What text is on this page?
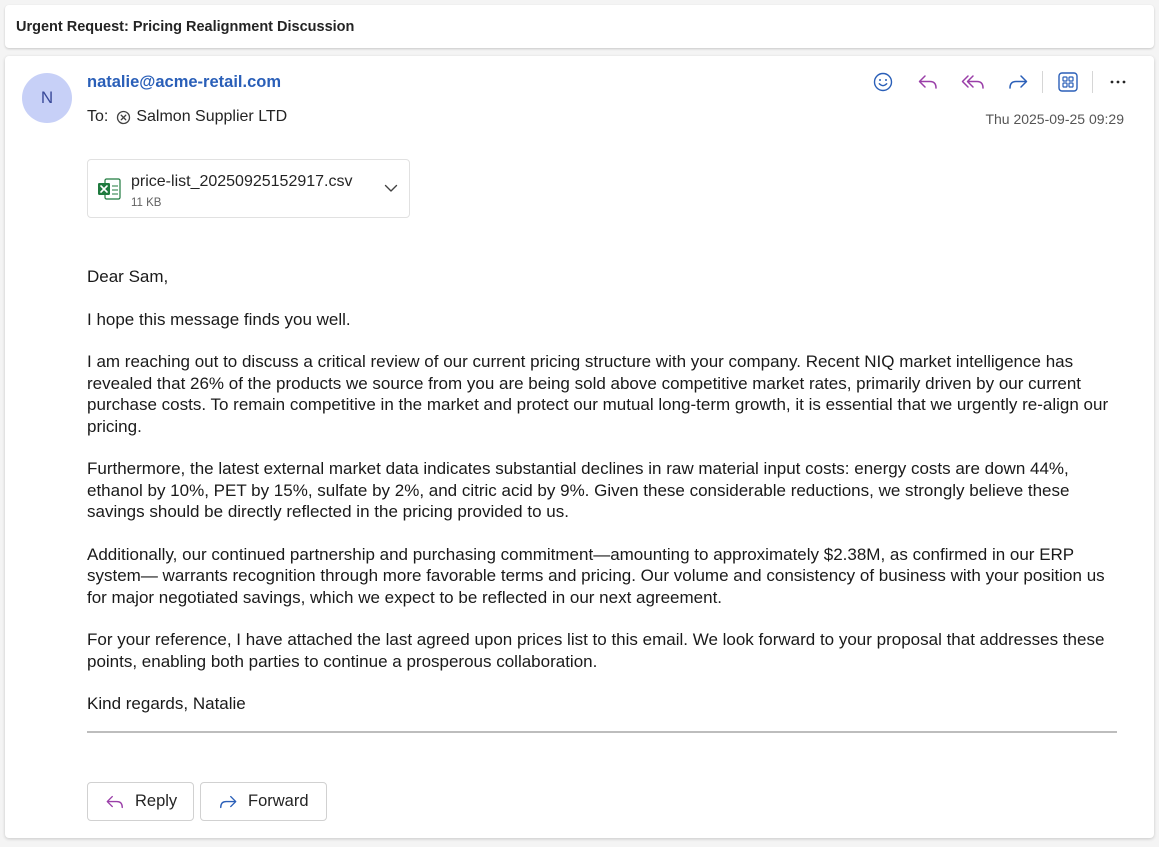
Urgent Request: Pricing Realignment Discussion
N
natalie@acme-retail.com
To: Salmon Supplier LTD	Thu 2025-09-25 09:29
price-list_20250925152917.csv
11 KB

Dear Sam,

I hope this message finds you well.

I am reaching out to discuss a critical review of our current pricing structure with your company. Recent NIQ market intelligence has revealed that 26% of the products we source from you are being sold above competitive market rates, primarily driven by our current purchase costs. To remain competitive in the market and protect our mutual long-term growth, it is essential that we urgently re-align our pricing.

Furthermore, the latest external market data indicates substantial declines in raw material input costs: energy costs are down 44%, ethanol by 10%, PET by 15%, sulfate by 2%, and citric acid by 9%. Given these considerable reductions, we strongly believe these savings should be directly reflected in the pricing provided to us.

Additionally, our continued partnership and purchasing commitment—amounting to approximately $2.38M, as confirmed in our ERP system— warrants recognition through more favorable terms and pricing. Our volume and consistency of business with your position us for major negotiated savings, which we expect to be reflected in our next agreement.

For your reference, I have attached the last agreed upon prices list to this email. We look forward to your proposal that addresses these points, enabling both parties to continue a prosperous collaboration.

Kind regards, Natalie

Reply	Forward
